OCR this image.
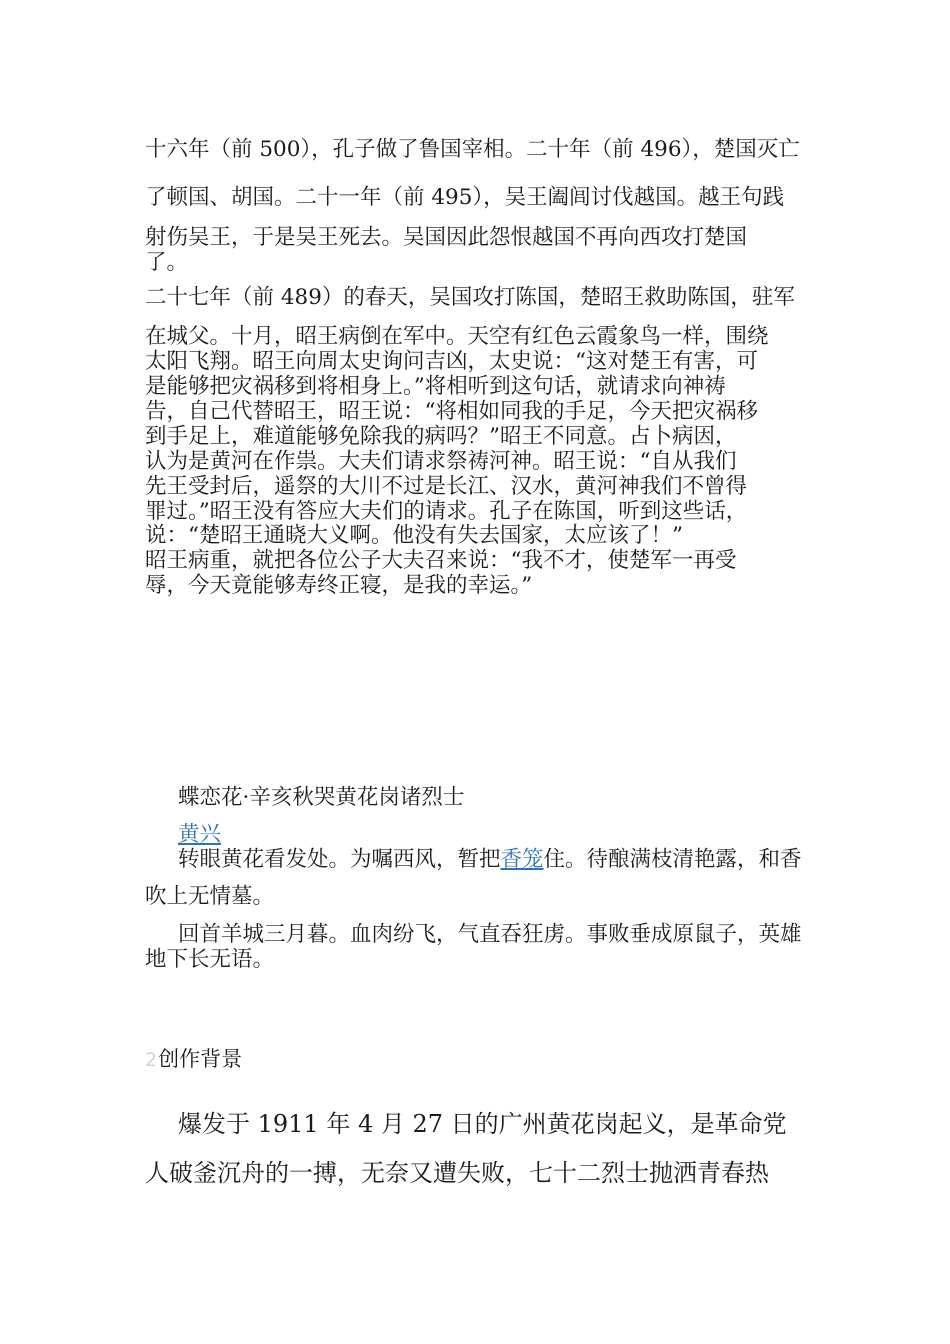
十六年（前 500），孔子做了鲁国宰相。二十年（前 496），楚国灭亡
了顿国、胡国。二十一年（前 495），吴王阖闾讨伐越国。越王句践
射伤吴王，于是吴王死去。吴国因此怨恨越国不再向西攻打楚国
了。
二十七年（前 489）的春天，吴国攻打陈国，楚昭王救助陈国，驻军
在城父。十月，昭王病倒在军中。天空有红色云霞象鸟一样，围绕
太阳飞翔。昭王向周太史询问吉凶，太史说：“这对楚王有害，可
是能够把灾祸移到将相身上。”将相听到这句话，就请求向神祷
告，自己代替昭王，昭王说：“将相如同我的手足，今天把灾祸移
到手足上，难道能够免除我的病吗？”昭王不同意。占卜病因，
认为是黄河在作祟。大夫们请求祭祷河神。昭王说：“自从我们
先王受封后，遥祭的大川不过是长江、汉水，黄河神我们不曾得
罪过。”昭王没有答应大夫们的请求。孔子在陈国，听到这些话，
说：“楚昭王通晓大义啊。他没有失去国家，太应该了！”
昭王病重，就把各位公子大夫召来说：“我不才，使楚军一再受
辱，今天竟能够寿终正寝，是我的幸运。”
蝶恋花·辛亥秋哭黄花岗诸烈士
黄兴
转眼黄花看发处。为嘱西风，暂把香笼住。待酿满枝清艳露，和香
吹上无情墓。
回首羊城三月暮。血肉纷飞，气直吞狂虏。事败垂成原鼠子，英雄
地下长无语。
2创作背景
爆发于 1911 年 4 月 27 日的广州黄花岗起义，是革命党
人破釜沉舟的一搏，无奈又遭失败，七十二烈士抛洒青春热
